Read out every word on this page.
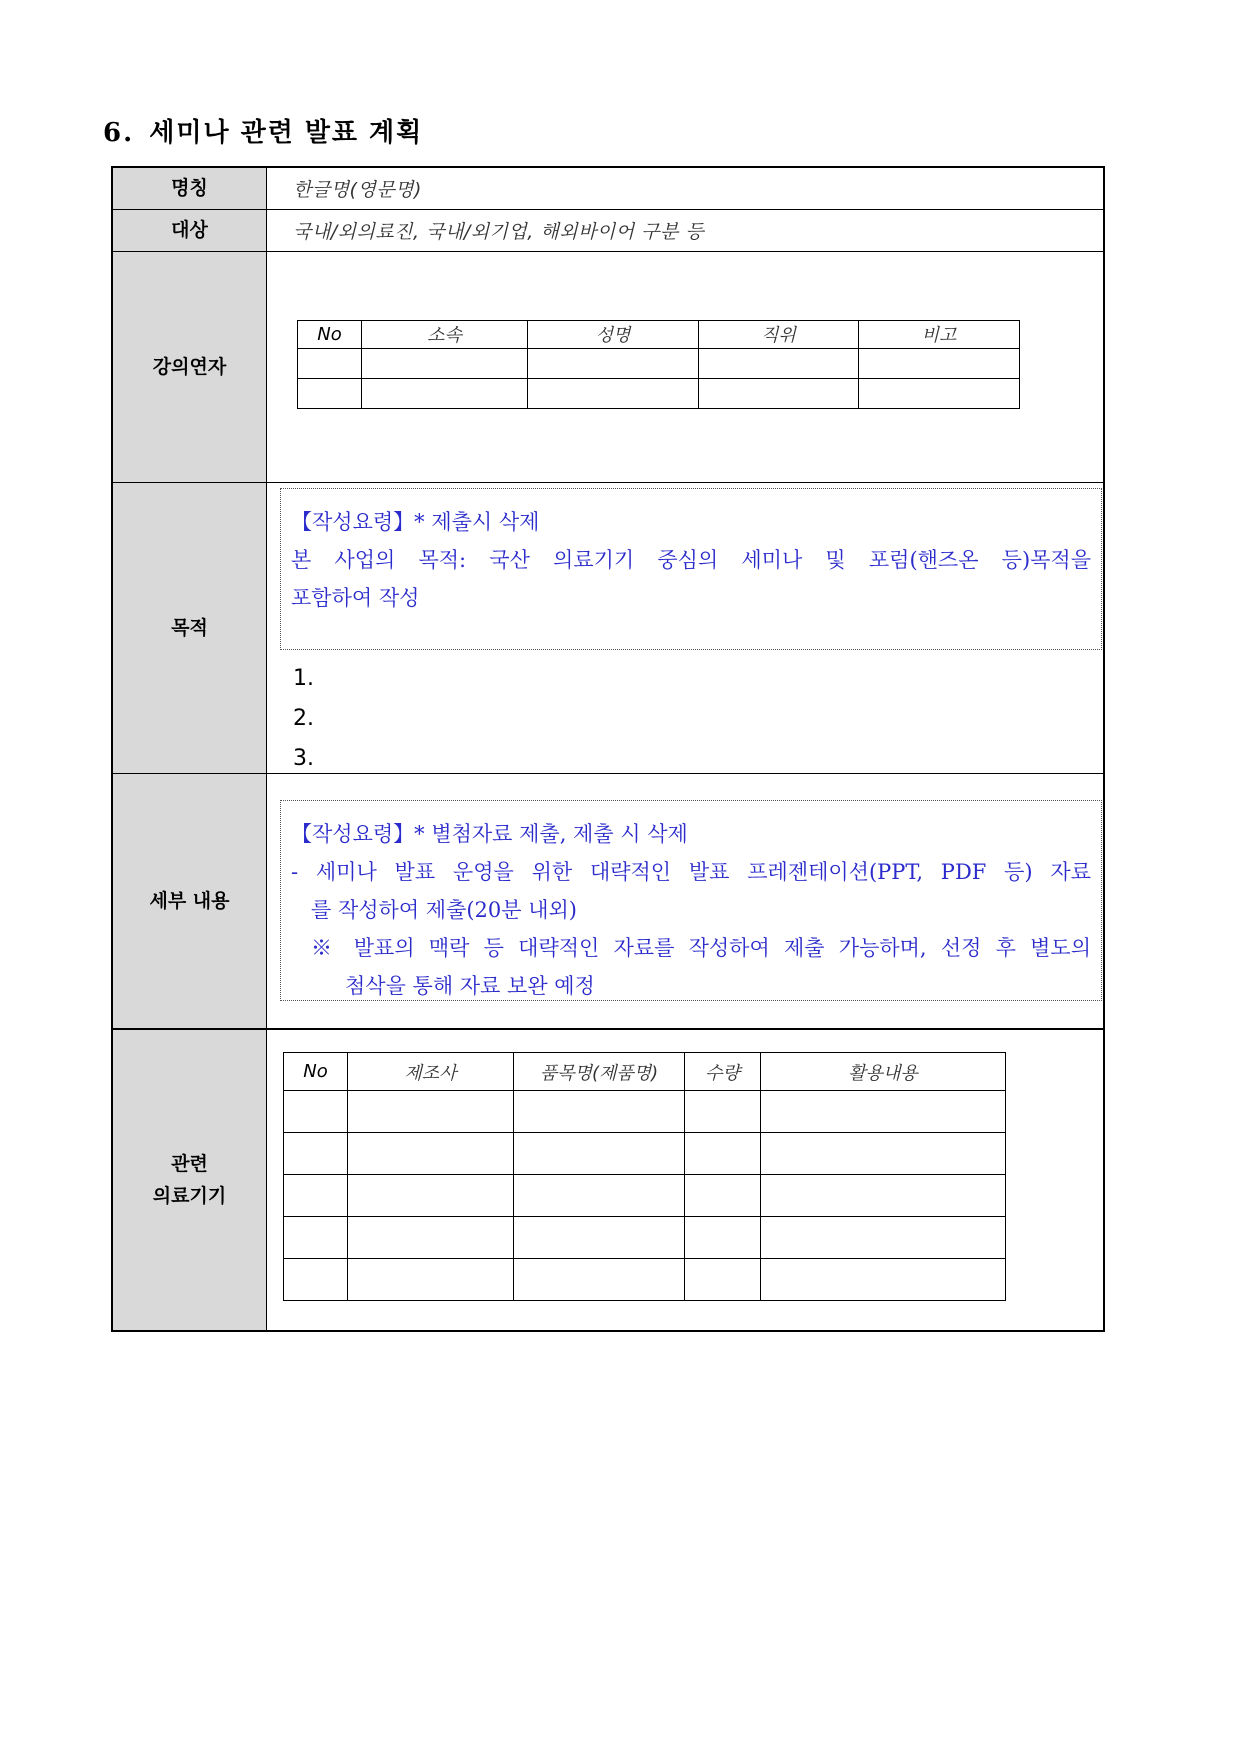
6. 세미나 관련 발표 계획
명칭	한글명(영문명)

대상	국내/외의료진, 국내/외기업, 해외바이어 구분 등

강의연자	
No	소속	성명	직위	비고

목적	
【작성요령】* 제출시 삭제
본 사업의 목적: 국산 의료기기 중심의 세미나 및 포럼(핸즈온 등)목적을
포함하여 작성
1.
2.
3.

세부 내용	
【작성요령】* 별첨자료 제출, 제출 시 삭제
- 세미나 발표 운영을 위한 대략적인 발표 프레젠테이션(PPT, PDF 등) 자료
를 작성하여 제출(20분 내외)
※ 발표의 맥락 등 대략적인 자료를 작성하여 제출 가능하며, 선정 후 별도의
첨삭을 통해 자료 보완 예정

관련
의료기기

No	제조사	품목명(제품명)	수량	활용내용
